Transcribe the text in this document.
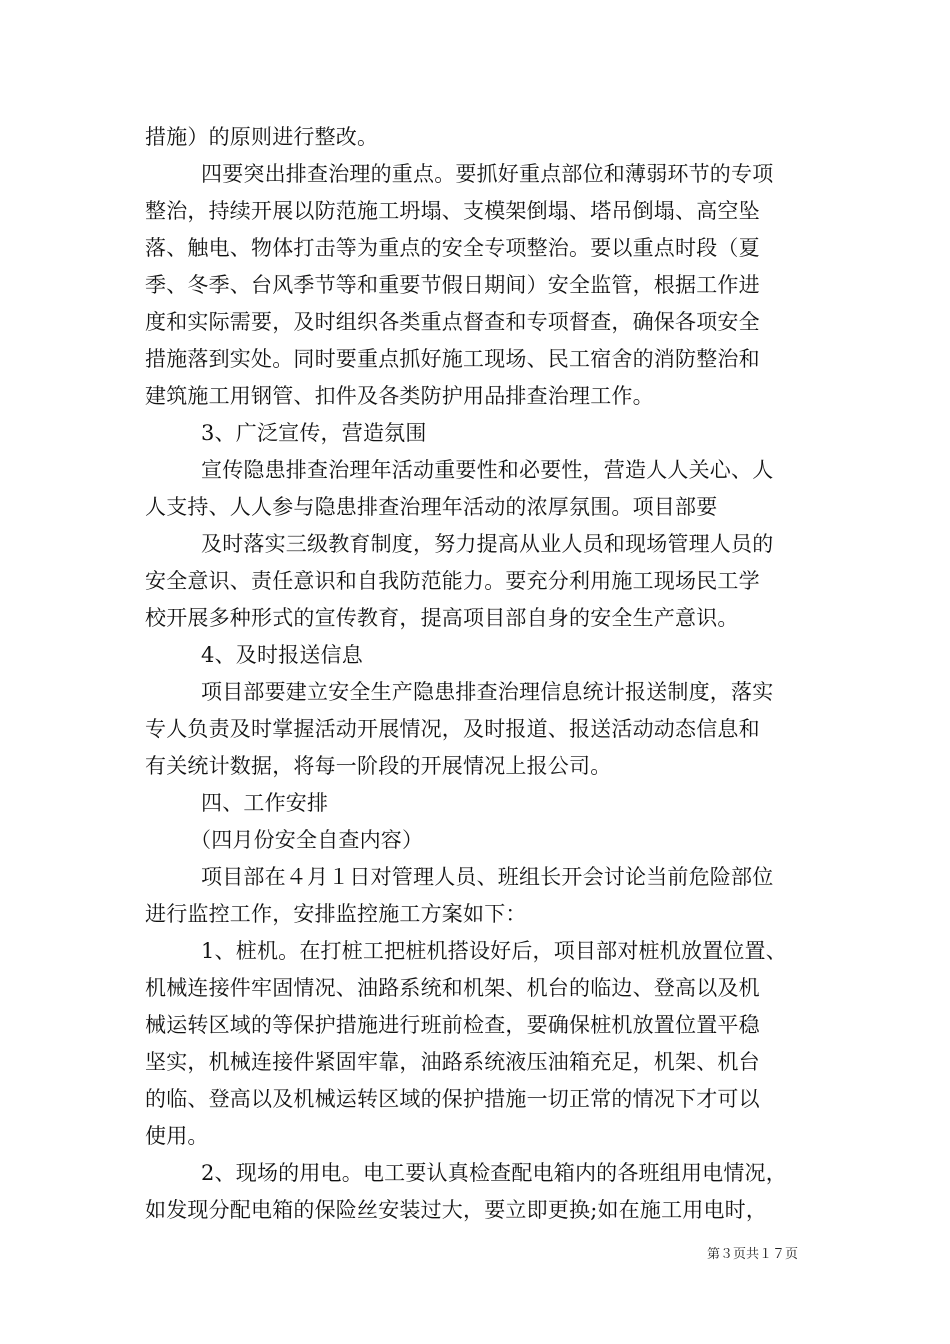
措施）的原则进行整改。
四要突出排查治理的重点。要抓好重点部位和薄弱环节的专项
整治，持续开展以防范施工坍塌、支模架倒塌、塔吊倒塌、高空坠
落、触电、物体打击等为重点的安全专项整治。要以重点时段（夏
季、冬季、台风季节等和重要节假日期间）安全监管，根据工作进
度和实际需要，及时组织各类重点督查和专项督查，确保各项安全
措施落到实处。同时要重点抓好施工现场、民工宿舍的消防整治和
建筑施工用钢管、扣件及各类防护用品排查治理工作。
3、广泛宣传，营造氛围
宣传隐患排查治理年活动重要性和必要性，营造人人关心、人
人支持、人人参与隐患排查治理年活动的浓厚氛围。项目部要
及时落实三级教育制度，努力提高从业人员和现场管理人员的
安全意识、责任意识和自我防范能力。要充分利用施工现场民工学
校开展多种形式的宣传教育，提高项目部自身的安全生产意识。
4、及时报送信息
项目部要建立安全生产隐患排查治理信息统计报送制度，落实
专人负责及时掌握活动开展情况，及时报道、报送活动动态信息和
有关统计数据，将每一阶段的开展情况上报公司。
四、工作安排
（四月份安全自查内容）
项目部在４月１日对管理人员、班组长开会讨论当前危险部位
进行监控工作，安排监控施工方案如下：
1、桩机。在打桩工把桩机搭设好后，项目部对桩机放置位置、
机械连接件牢固情况、油路系统和机架、机台的临边、登高以及机
械运转区域的等保护措施进行班前检查，要确保桩机放置位置平稳
坚实，机械连接件紧固牢靠，油路系统液压油箱充足，机架、机台
的临、登高以及机械运转区域的保护措施一切正常的情况下才可以
使用。
2、现场的用电。电工要认真检查配电箱内的各班组用电情况，
如发现分配电箱的保险丝安装过大，要立即更换;如在施工用电时，
第３页共１７页
